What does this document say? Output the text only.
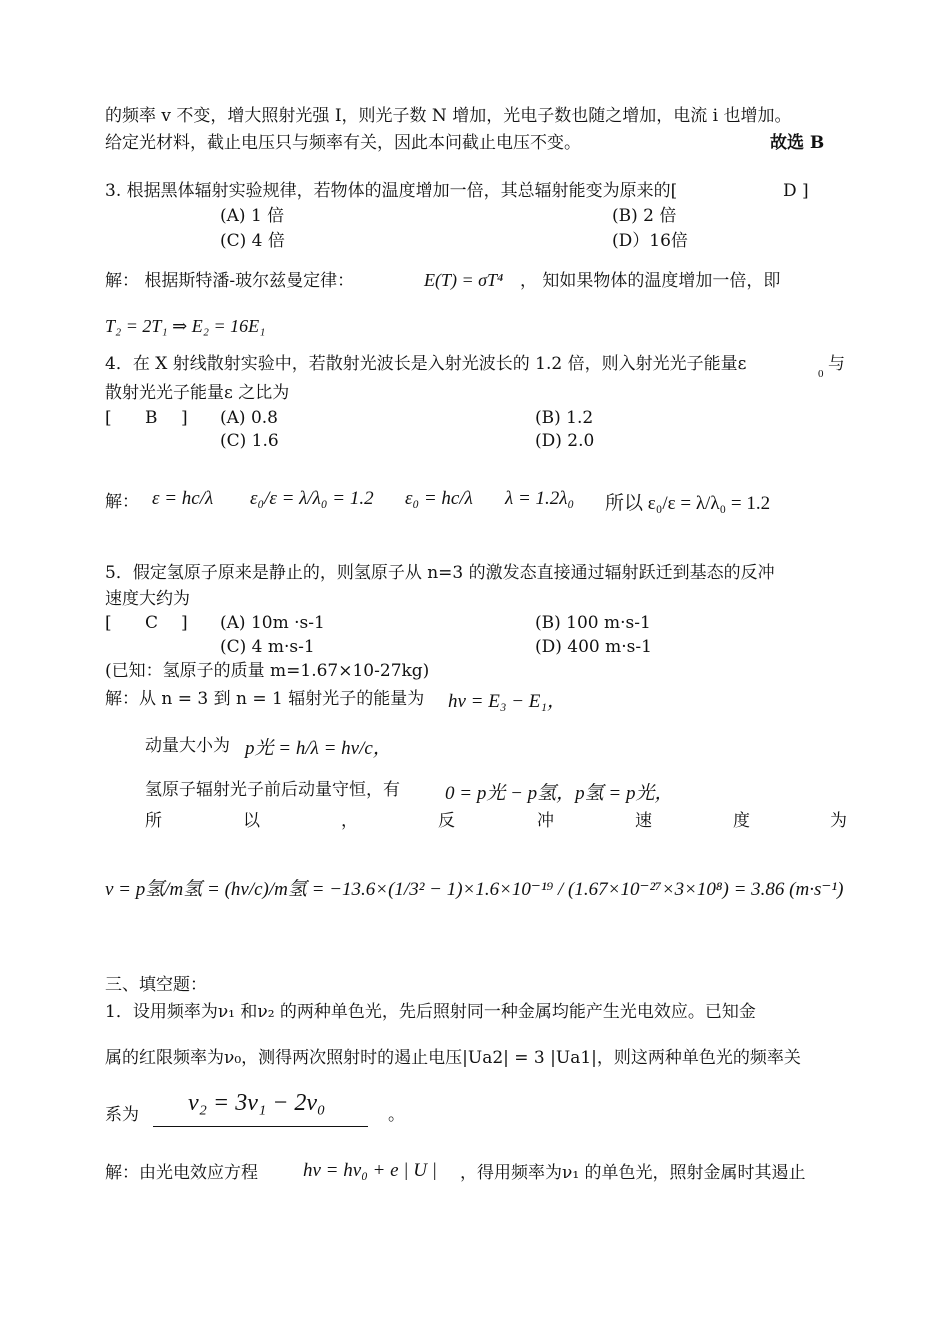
的频率 v 不变，增大照射光强 I，则光子数 N 增加，光电子数也随之增加，电流 i 也增加。
给定光材料，截止电压只与频率有关，因此本问截止电压不变。	故选 B
3. 根据黑体辐射实验规律，若物体的温度增加一倍，其总辐射能变为原来的[	D ]
(A) 1 倍	(B) 2 倍
(C) 4 倍	(D）16倍
解： 根据斯特潘-玻尔兹曼定律：	E(T) = σT⁴ ， 知如果物体的温度增加一倍，即
T₂ = 2T₁ ⇒ E₂ = 16E₁
4．在 X 射线散射实验中，若散射光波长是入射光波长的 1.2 倍，则入射光光子能量ε	0 与
散射光光子能量ε 之比为
[ B ] (A) 0.8	(B) 1.2
(C) 1.6	(D) 2.0
解： ε = hc/λ ε₀/ε = λ/λ₀ = 1.2 ε₀ = hc/λ λ = 1.2λ₀ 所以 ε₀/ε = λ/λ₀ = 1.2
5．假定氢原子原来是静止的，则氢原子从 n=3 的激发态直接通过辐射跃迁到基态的反冲
速度大约为
[ C ] (A) 10m ·s-1	(B) 100 m·s-1
(C) 4 m·s-1	(D) 400 m·s-1
(已知：氢原子的质量 m=1.67×10-27kg)
解：从 n = 3 到 n = 1 辐射光子的能量为 hν = E₃ − E₁，
动量大小为 p光 = h/λ = hν/c，
氢原子辐射光子前后动量守恒，有 0 = p光 − p氢，p氢 = p光，
所	以	，	反	冲	速	度	为
v = p氢/m氢 = (hν/c)/m氢 = −13.6×(1/3² − 1)×1.6×10⁻¹⁹ / (1.67×10⁻²⁷×3×10⁸) = 3.86 (m·s⁻¹)
三、填空题：
1．设用频率为ν₁ 和ν₂ 的两种单色光，先后照射同一种金属均能产生光电效应。已知金
属的红限频率为ν₀，测得两次照射时的遏止电压|Ua2| = 3 |Ua1|，则这两种单色光的频率关
系为 ν₂ = 3ν₁ − 2ν₀	。
解：由光电效应方程 hν = hν₀ + e | U | ，得用频率为ν₁ 的单色光，照射金属时其遏止
